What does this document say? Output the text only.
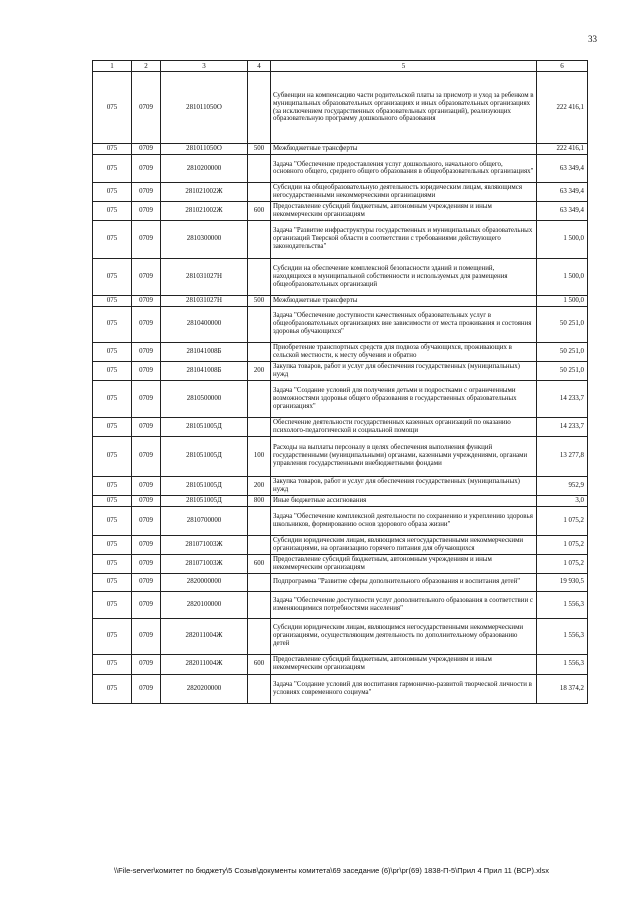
33
1	2	3	4	5	6
075	0709	281011050О		Субвенции на компенсацию части родительской платы за присмотр и уход за ребенком в муниципальных образовательных организациях и иных образовательных организациях (за исключением государственных образовательных организаций), реализующих образовательную программу дошкольного образования	222 416,1
075	0709	281011050О	500	Межбюджетные трансферты	222 416,1
075	0709	2810200000		Задача "Обеспечение предоставления услуг дошкольного, начального общего, основного общего, среднего общего образования в общеобразовательных организациях"	63 349,4
075	0709	281021002Ж		Субсидии на общеобразовательную деятельность юридическим лицам, являющимся негосударственными некоммерческими организациями	63 349,4
075	0709	281021002Ж	600	Предоставление субсидий бюджетным, автономным учреждениям и иным некоммерческим организациям	63 349,4
075	0709	2810300000		Задача "Развитие инфраструктуры государственных и муниципальных образовательных организаций Тверской области в соответствии с требованиями действующего законодательства"	1 500,0
075	0709	281031027Н		Субсидии на обеспечение комплексной безопасности зданий и помещений, находящихся в муниципальной собственности и используемых для размещения общеобразовательных организаций	1 500,0
075	0709	281031027Н	500	Межбюджетные трансферты	1 500,0
075	0709	2810400000		Задача "Обеспечение доступности качественных образовательных услуг в общеобразовательных организациях вне зависимости от места проживания и состояния здоровья обучающихся"	50 251,0
075	0709	281041008Б		Приобретение транспортных средств для подвоза обучающихся, проживающих в сельской местности, к месту обучения и обратно	50 251,0
075	0709	281041008Б	200	Закупка товаров, работ и услуг для обеспечения государственных (муниципальных) нужд	50 251,0
075	0709	2810500000		Задача "Создание условий для получения детьми и подростками с ограниченными возможностями здоровья общего образования в государственных образовательных организациях"	14 233,7
075	0709	281051005Д		Обеспечение деятельности государственных казенных организаций по оказанию психолого-педагогической и социальной помощи	14 233,7
075	0709	281051005Д	100	Расходы на выплаты персоналу в целях обеспечения выполнения функций государственными (муниципальными) органами, казенными учреждениями, органами управления государственными внебюджетными фондами	13 277,8
075	0709	281051005Д	200	Закупка товаров, работ и услуг для обеспечения государственных (муниципальных) нужд	952,9
075	0709	281051005Д	800	Иные бюджетные ассигнования	3,0
075	0709	2810700000		Задача "Обеспечение комплексной деятельности по сохранению и укреплению здоровья школьников, формированию основ здорового образа жизни"	1 075,2
075	0709	281071003Ж		Субсидии юридическим лицам, являющимся негосударственными некоммерческими организациями, на организацию горячего питания для обучающихся	1 075,2
075	0709	281071003Ж	600	Предоставление субсидий бюджетным, автономным учреждениям и иным некоммерческим организациям	1 075,2
075	0709	2820000000		Подпрограмма "Развитие сферы дополнительного образования и воспитания детей"	19 930,5
075	0709	2820100000		Задача "Обеспечение доступности услуг дополнительного образования в соответствии с изменяющимися потребностями населения"	1 556,3
075	0709	282011004Ж		Субсидии юридическим лицам, являющимся негосударственными некоммерческими организациями, осуществляющим деятельность по дополнительному образованию детей	1 556,3
075	0709	282011004Ж	600	Предоставление субсидий бюджетным, автономным учреждениям и иным некоммерческим организациям	1 556,3
075	0709	2820200000		Задача "Создание условий для воспитания гармонично-развитой творческой личности в условиях современного социума"	18 374,2
\\File-server\комитет по бюджету\5 Созыв\документы комитета\69 заседание (6)\рг\рг(69) 1838-П-5\Прил 4 Прил 11 (ВСР).xlsx
